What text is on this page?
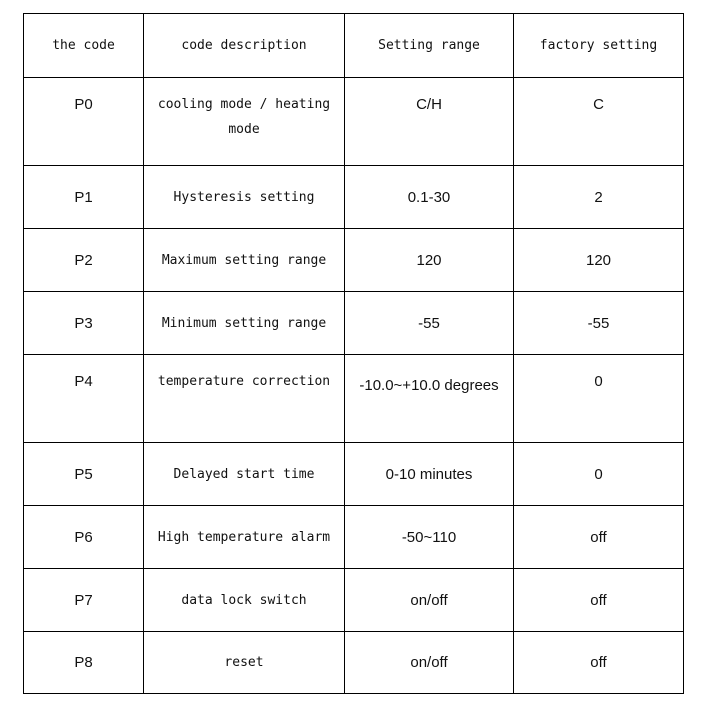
the code	code description	Setting range	factory setting
P0	cooling mode / heating mode	C/H	C
P1	Hysteresis setting	0.1-30	2
P2	Maximum setting range	120	120
P3	Minimum setting range	-55	-55
P4	temperature correction	-10.0~+10.0 degrees	0
P5	Delayed start time	0-10 minutes	0
P6	High temperature alarm	-50~110	off
P7	data lock switch	on/off	off
P8	reset	on/off	off
